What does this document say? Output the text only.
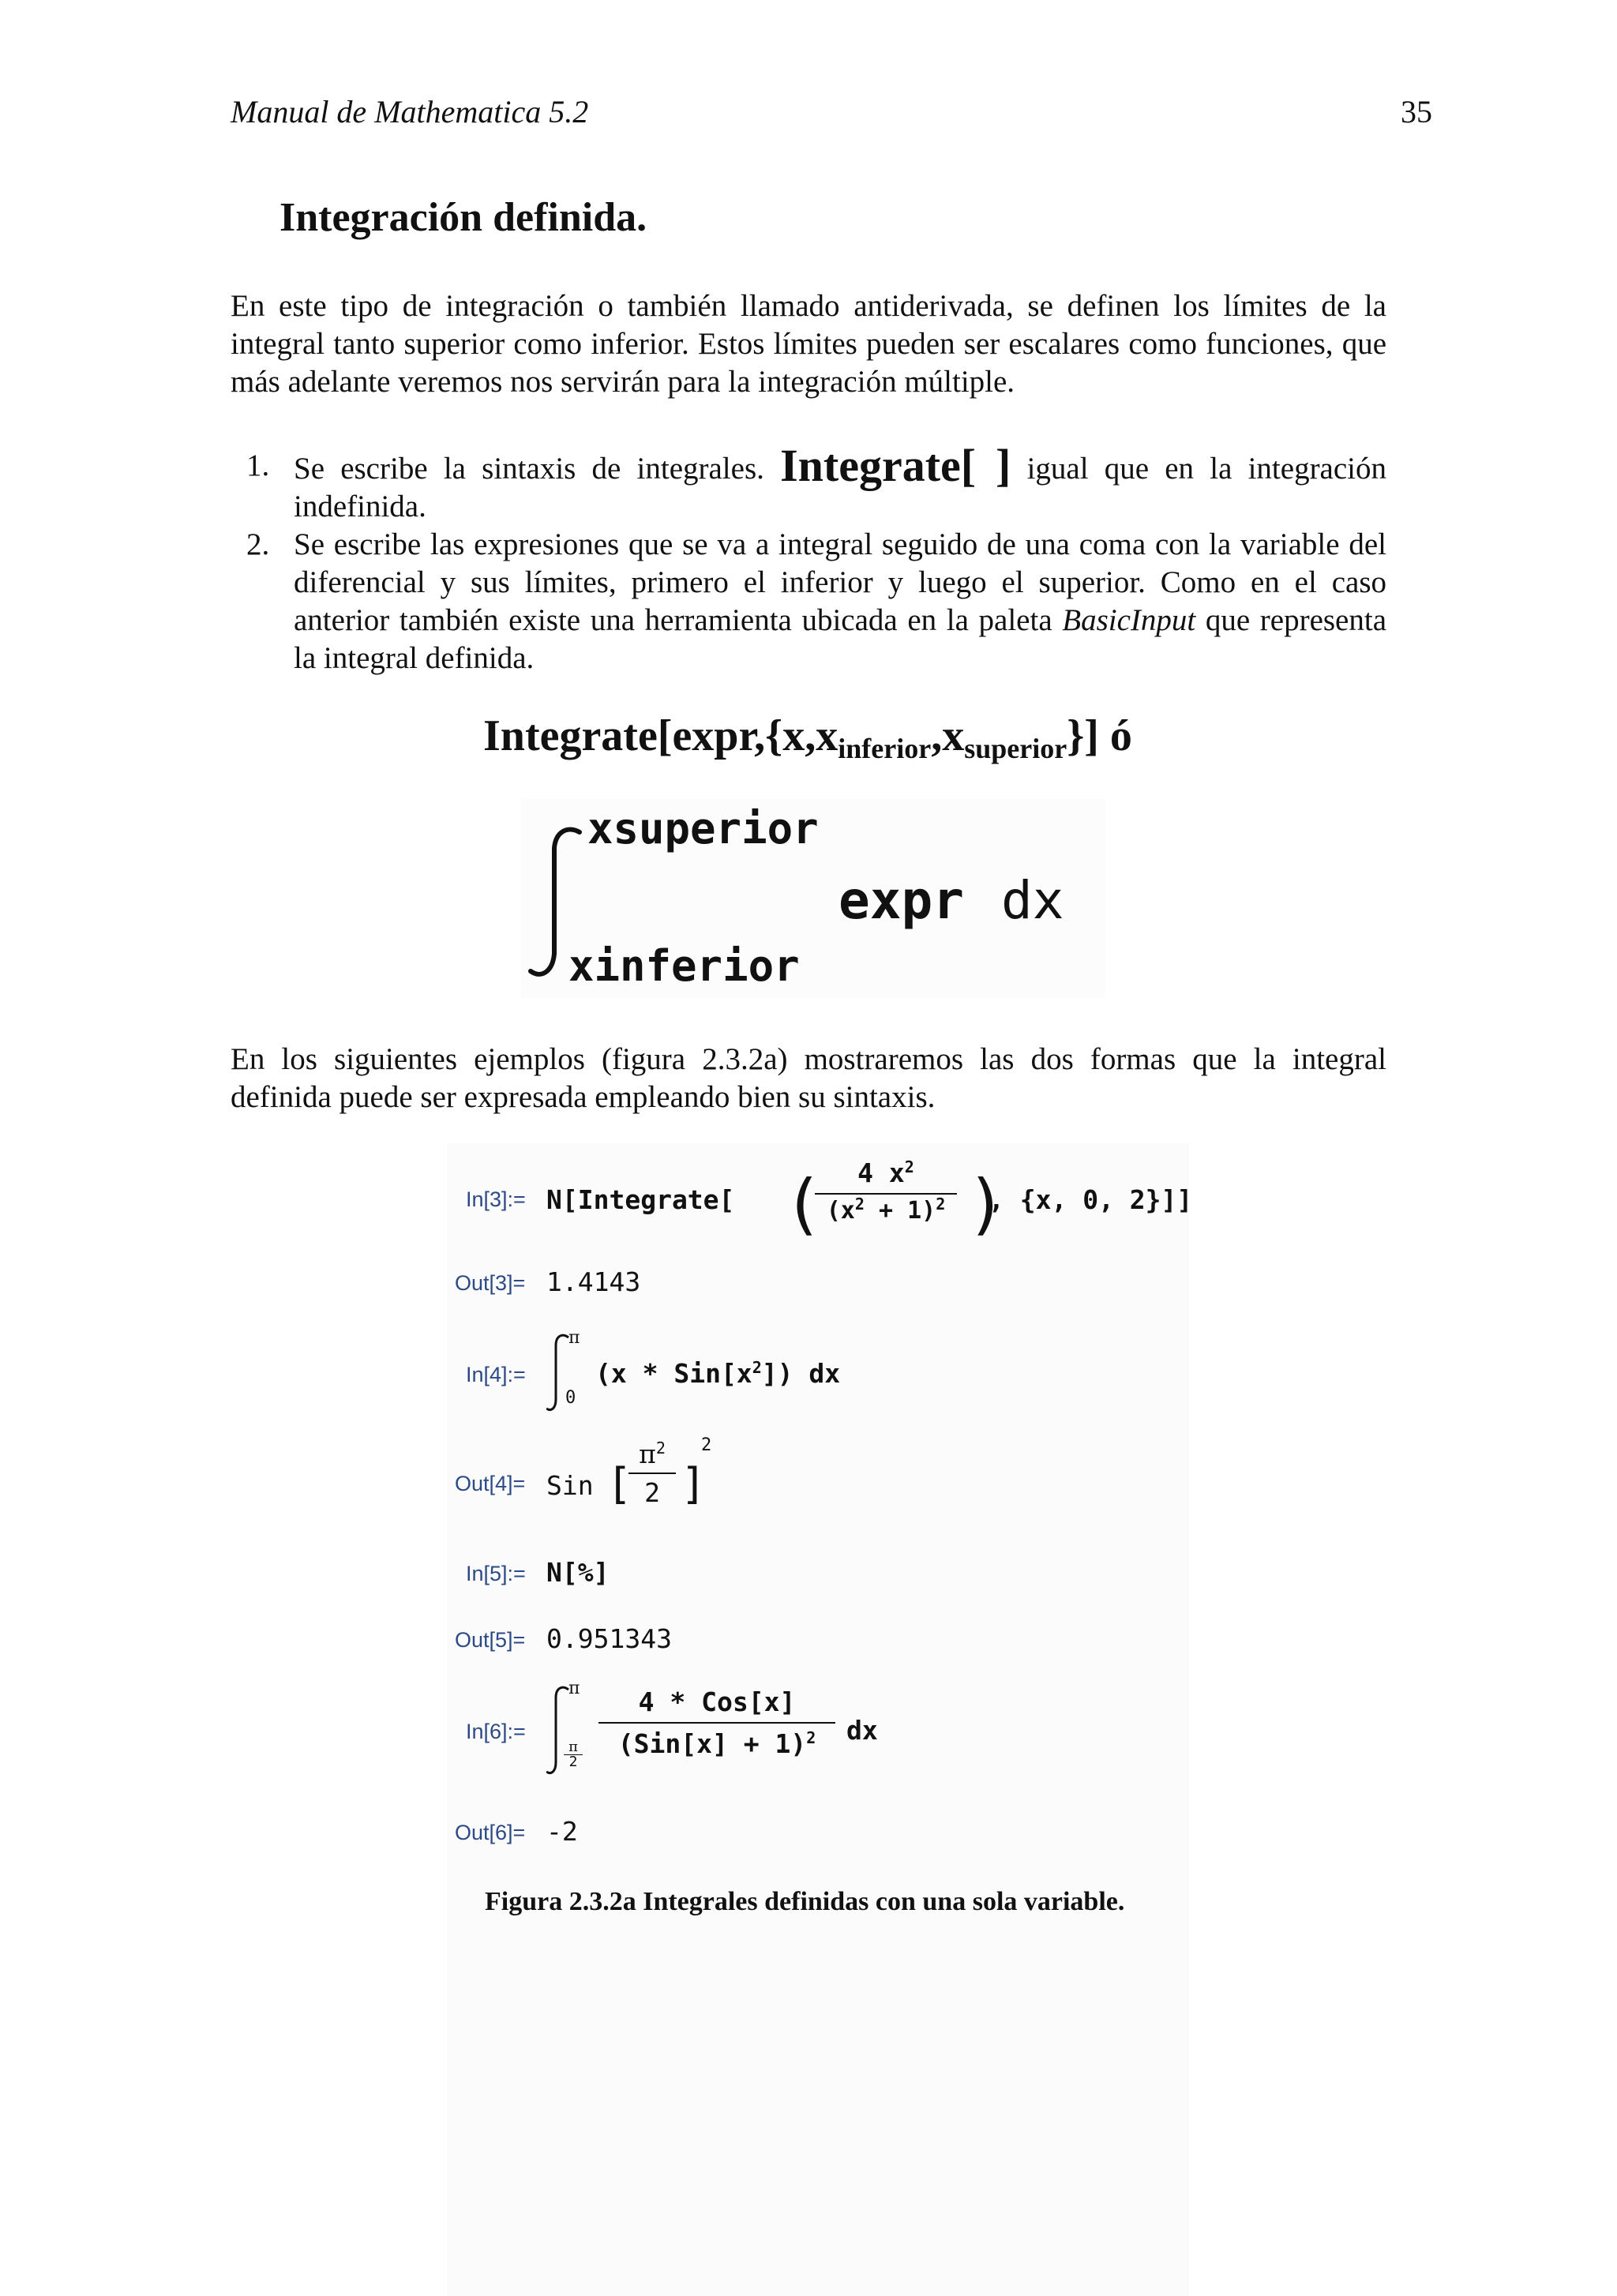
Manual de Mathematica 5.2	35
Integración definida.
En este tipo de integración o también llamado antiderivada, se definen los límites de la integral tanto superior como inferior. Estos límites pueden ser escalares como funciones, que más adelante veremos nos servirán para la integración múltiple.
1. Se escribe la sintaxis de integrales. Integrate[ ] igual que en la integración indefinida.
2. Se escribe las expresiones que se va a integral seguido de una coma con la variable del diferencial y sus límites, primero el inferior y luego el superior. Como en el caso anterior también existe una herramienta ubicada en la paleta BasicInput que representa la integral definida.
$Integrate[\exp r,\{x,x_{inferior},x_{superior}\}]$ ó
xsuperior
expr dx
xinferior
En los siguientes ejemplos (figura 2.3.2a) mostraremos las dos formas que la integral definida puede ser expresada empleando bien su sintaxis.
In[3]:= N[Integrate[
4 $x^2$
$(x^2 + 1)^2$
( )
, {x, 0, 2}]]
Out[3]= 1.4143
In[4]:=
π
0
$(x * Sin[x^2])$ dx
Out[4]= Sin [
$\pi^2$
2 ]
2
In[5]:= N[%]
Out[5]= 0.951343
In[6]:=
π
π
2
4 * Cos[x]
$(Sin[x] + 1)^2$	dx
Out[6]= -2
Figura 2.3.2a Integrales definidas con una sola variable.
